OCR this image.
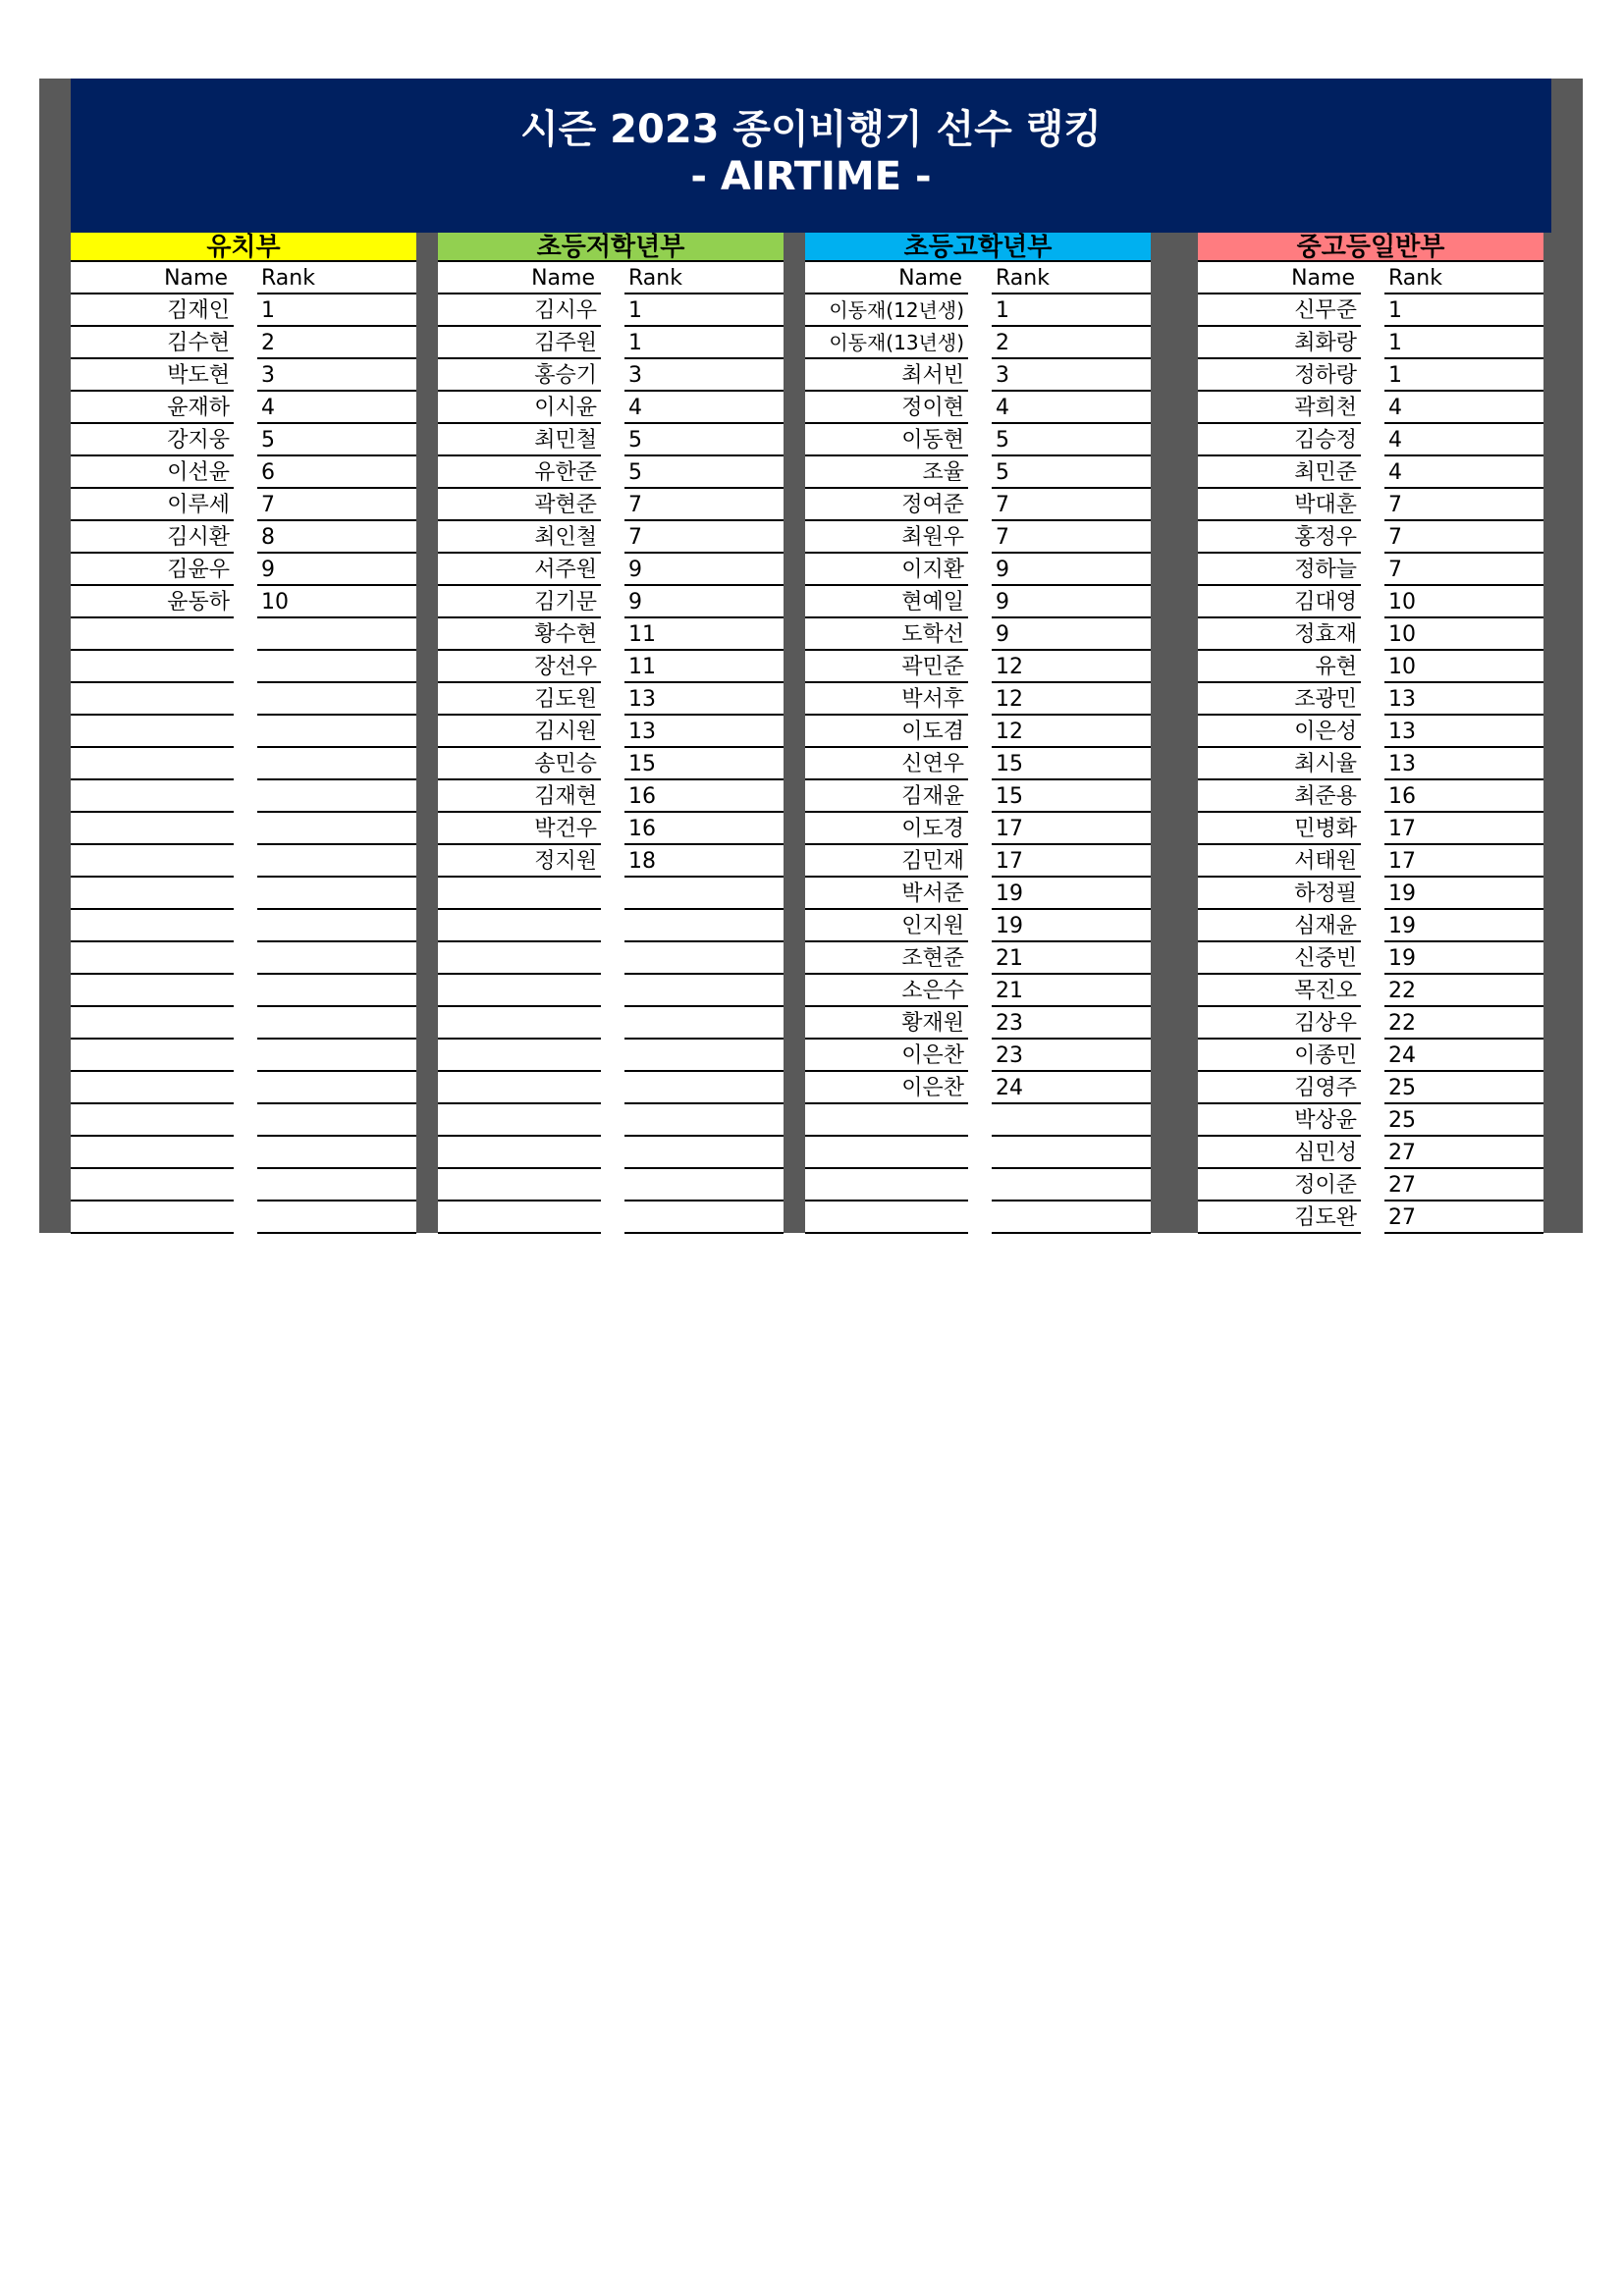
시즌 2023 종이비행기 선수 랭킹
- AIRTIME -
유치부
Name Rank
김재인 1
김수현 2
박도현 3
윤재하 4
강지웅 5
이선윤 6
이루세 7
김시환 8
김윤우 9
윤동하 10
초등저학년부
Name Rank
김시우 1
김주원 1
홍승기 3
이시윤 4
최민철 5
유한준 5
곽현준 7
최인철 7
서주원 9
김기문 9
황수현 11
장선우 11
김도원 13
김시원 13
송민승 15
김재현 16
박건우 16
정지원 18
초등고학년부
Name Rank
이동재(12년생) 1
이동재(13년생) 2
최서빈 3
정이현 4
이동현 5
조율 5
정여준 7
최원우 7
이지환 9
현예일 9
도학선 9
곽민준 12
박서후 12
이도겸 12
신연우 15
김재윤 15
이도경 17
김민재 17
박서준 19
인지원 19
조현준 21
소은수 21
황재원 23
이은찬 23
이은찬 24
중고등일반부
Name Rank
신무준 1
최화랑 1
정하랑 1
곽희천 4
김승정 4
최민준 4
박대훈 7
홍정우 7
정하늘 7
김대영 10
정효재 10
유현 10
조광민 13
이은성 13
최시율 13
최준용 16
민병화 17
서태원 17
하정필 19
심재윤 19
신중빈 19
목진오 22
김상우 22
이종민 24
김영주 25
박상윤 25
심민성 27
정이준 27
김도완 27
